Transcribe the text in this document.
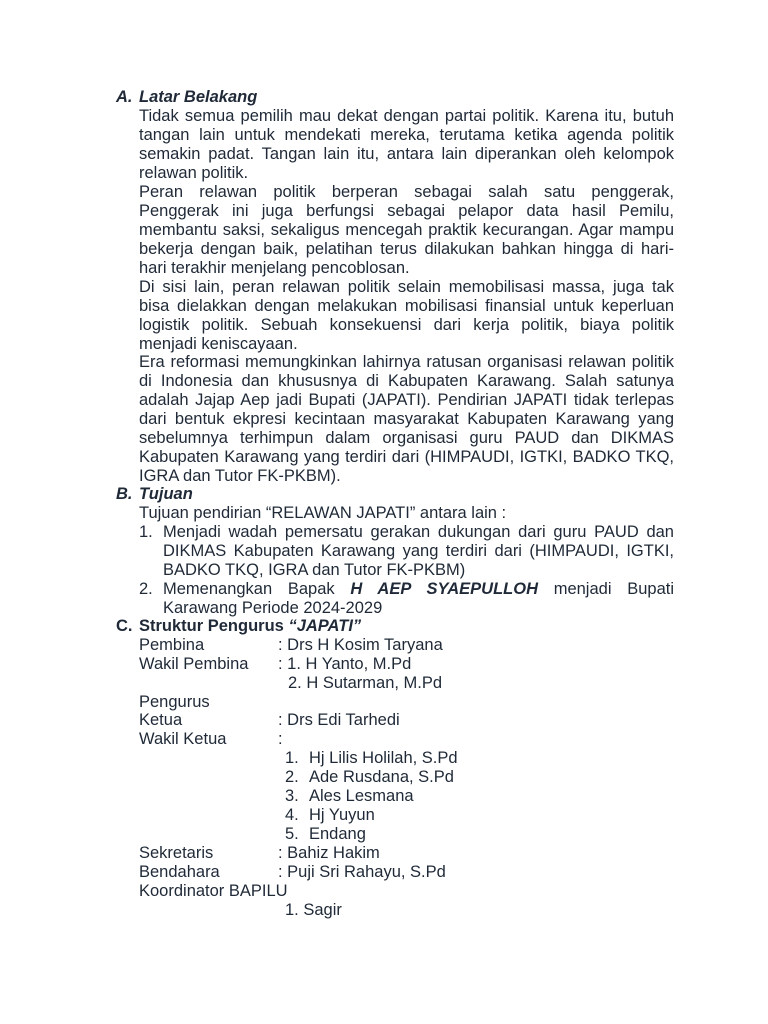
A. Latar Belakang
Tidak semua pemilih mau dekat dengan partai politik. Karena itu, butuh tangan lain untuk mendekati mereka, terutama ketika agenda politik semakin padat. Tangan lain itu, antara lain diperankan oleh kelompok relawan politik.
Peran relawan politik berperan sebagai salah satu penggerak, Penggerak ini juga berfungsi sebagai pelapor data hasil Pemilu, membantu saksi, sekaligus mencegah praktik kecurangan. Agar mampu bekerja dengan baik, pelatihan terus dilakukan bahkan hingga di hari-hari terakhir menjelang pencoblosan.
Di sisi lain, peran relawan politik selain memobilisasi massa, juga tak bisa dielakkan dengan melakukan mobilisasi finansial untuk keperluan logistik politik. Sebuah konsekuensi dari kerja politik, biaya politik menjadi keniscayaan.
Era reformasi memungkinkan lahirnya ratusan organisasi relawan politik di Indonesia dan khususnya di Kabupaten Karawang. Salah satunya adalah Jajap Aep jadi Bupati (JAPATI). Pendirian JAPATI tidak terlepas dari bentuk ekpresi kecintaan masyarakat Kabupaten Karawang yang sebelumnya terhimpun dalam organisasi guru PAUD dan DIKMAS Kabupaten Karawang yang terdiri dari (HIMPAUDI, IGTKI, BADKO TKQ, IGRA dan Tutor FK-PKBM).
B. Tujuan
Tujuan pendirian “RELAWAN JAPATI” antara lain :
1. Menjadi wadah pemersatu gerakan dukungan dari guru PAUD dan DIKMAS Kabupaten Karawang yang terdiri dari (HIMPAUDI, IGTKI, BADKO TKQ, IGRA dan Tutor FK-PKBM)
2. Memenangkan Bapak H AEP SYAEPULLOH menjadi Bupati Karawang Periode 2024-2029
C. Struktur Pengurus “JAPATI”
Pembina	: Drs H Kosim Taryana
Wakil Pembina : 1. H Yanto, M.Pd
2. H Sutarman, M.Pd
Pengurus
Ketua	: Drs Edi Tarhedi
Wakil Ketua	:
1. Hj Lilis Holilah, S.Pd
2. Ade Rusdana, S.Pd
3. Ales Lesmana
4. Hj Yuyun
5. Endang
Sekretaris	: Bahiz Hakim
Bendahara	: Puji Sri Rahayu, S.Pd
Koordinator BAPILU
1. Sagir
